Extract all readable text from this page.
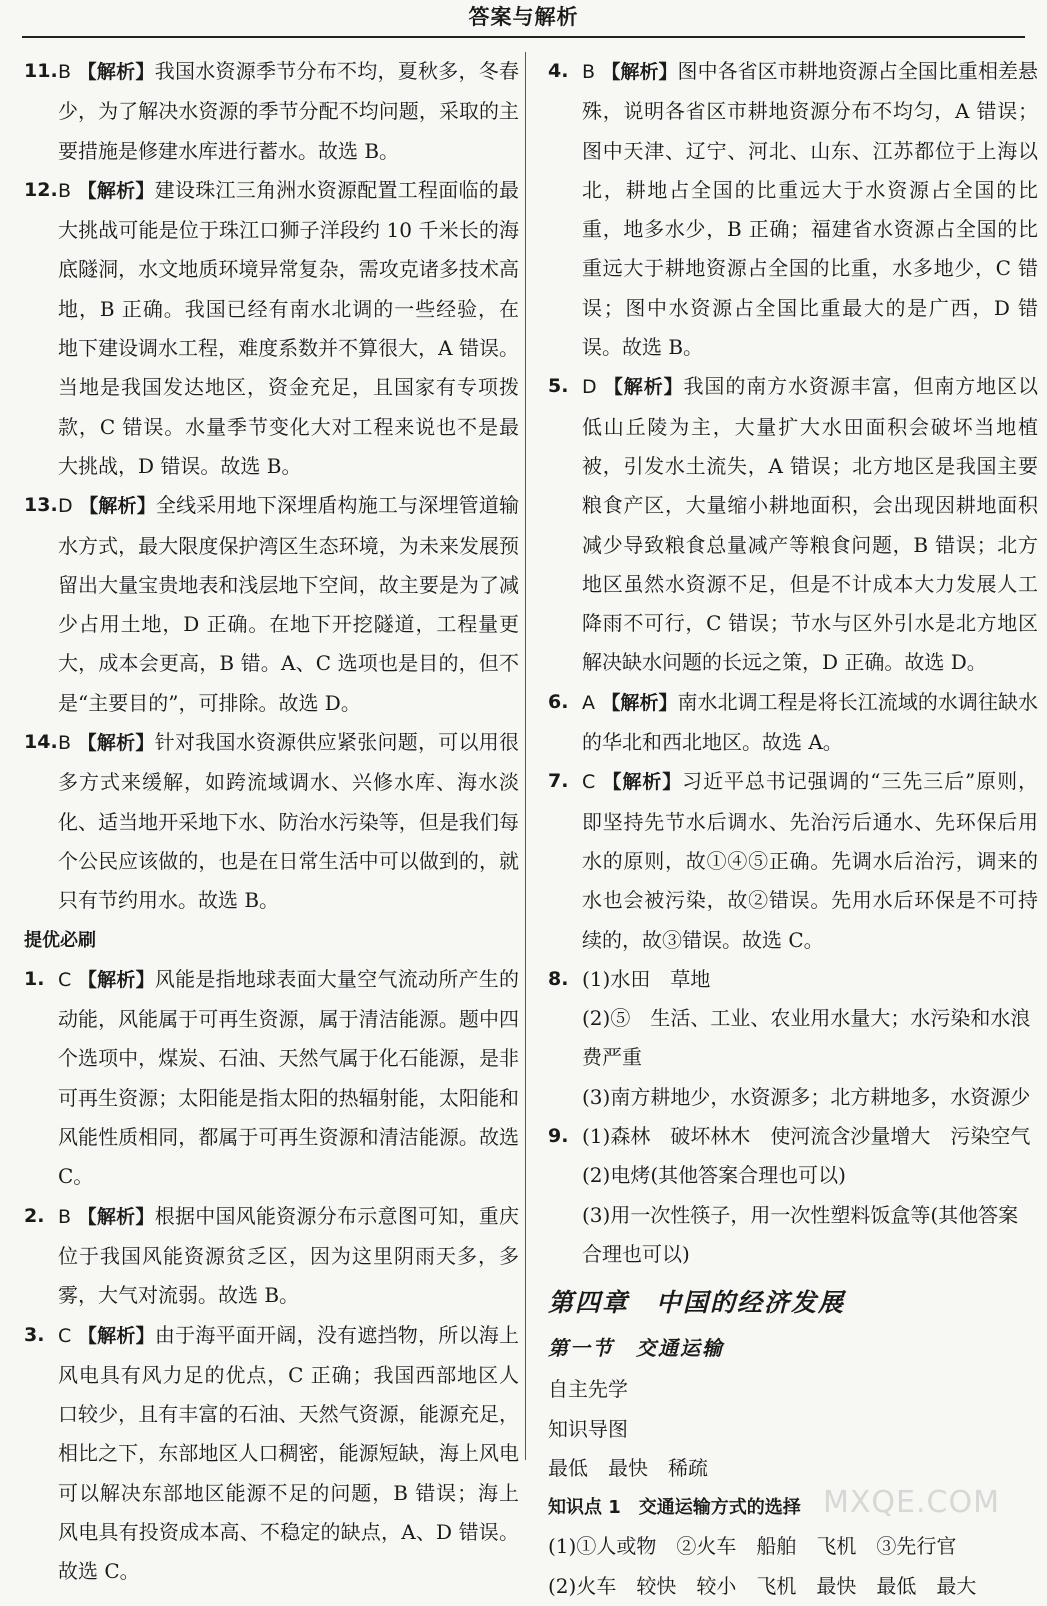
答案与解析
11. B 【解析】我国水资源季节分布不均，夏秋多，冬春少，为了解决水资源的季节分配不均问题，采取的主要措施是修建水库进行蓄水。故选 B。
12. B 【解析】建设珠江三角洲水资源配置工程面临的最大挑战可能是位于珠江口狮子洋段约 10 千米长的海底隧洞，水文地质环境异常复杂，需攻克诸多技术高地，B 正确。我国已经有南水北调的一些经验，在地下建设调水工程，难度系数并不算很大，A 错误。当地是我国发达地区，资金充足，且国家有专项拨款，C 错误。水量季节变化大对工程来说也不是最大挑战，D 错误。故选 B。
13. D 【解析】全线采用地下深埋盾构施工与深埋管道输水方式，最大限度保护湾区生态环境，为未来发展预留出大量宝贵地表和浅层地下空间，故主要是为了减少占用土地，D 正确。在地下开挖隧道，工程量更大，成本会更高，B 错。A、C 选项也是目的，但不是“主要目的”，可排除。故选 D。
14. B 【解析】针对我国水资源供应紧张问题，可以用很多方式来缓解，如跨流域调水、兴修水库、海水淡化、适当地开采地下水、防治水污染等，但是我们每个公民应该做的，也是在日常生活中可以做到的，就只有节约用水。故选 B。
提优必刷
1. C 【解析】风能是指地球表面大量空气流动所产生的动能，风能属于可再生资源，属于清洁能源。题中四个选项中，煤炭、石油、天然气属于化石能源，是非可再生资源；太阳能是指太阳的热辐射能，太阳能和风能性质相同，都属于可再生资源和清洁能源。故选 C。
2. B 【解析】根据中国风能资源分布示意图可知，重庆位于我国风能资源贫乏区，因为这里阴雨天多，多雾，大气对流弱。故选 B。
3. C 【解析】由于海平面开阔，没有遮挡物，所以海上风电具有风力足的优点，C 正确；我国西部地区人口较少，且有丰富的石油、天然气资源，能源充足，相比之下，东部地区人口稠密，能源短缺，海上风电可以解决东部地区能源不足的问题，B 错误；海上风电具有投资成本高、不稳定的缺点，A、D 错误。故选 C。
4. B 【解析】图中各省区市耕地资源占全国比重相差悬殊，说明各省区市耕地资源分布不均匀，A 错误；图中天津、辽宁、河北、山东、江苏都位于上海以北，耕地占全国的比重远大于水资源占全国的比重，地多水少，B 正确；福建省水资源占全国的比重远大于耕地资源占全国的比重，水多地少，C 错误；图中水资源占全国比重最大的是广西，D 错误。故选 B。
5. D 【解析】我国的南方水资源丰富，但南方地区以低山丘陵为主，大量扩大水田面积会破坏当地植被，引发水土流失，A 错误；北方地区是我国主要粮食产区，大量缩小耕地面积，会出现因耕地面积减少导致粮食总量减产等粮食问题，B 错误；北方地区虽然水资源不足，但是不计成本大力发展人工降雨不可行，C 错误；节水与区外引水是北方地区解决缺水问题的长远之策，D 正确。故选 D。
6. A 【解析】南水北调工程是将长江流域的水调往缺水的华北和西北地区。故选 A。
7. C 【解析】习近平总书记强调的“三先三后”原则，即坚持先节水后调水、先治污后通水、先环保后用水的原则，故①④⑤正确。先调水后治污，调来的水也会被污染，故②错误。先用水后环保是不可持续的，故③错误。故选 C。
8. (1)水田　草地
(2)⑤　生活、工业、农业用水量大；水污染和水浪费严重
(3)南方耕地少，水资源多；北方耕地多，水资源少
9. (1)森林　破坏林木　使河流含沙量增大　污染空气
(2)电烤(其他答案合理也可以)
(3)用一次性筷子，用一次性塑料饭盒等(其他答案合理也可以)
第四章　中国的经济发展
第一节　交通运输
自主先学
知识导图
最低　最快　稀疏
知识点 1　交通运输方式的选择
(1)①人或物　②火车　船舶　飞机　③先行官
(2)火车　较快　较小　飞机　最快　最低　最大
MXQE.COM
